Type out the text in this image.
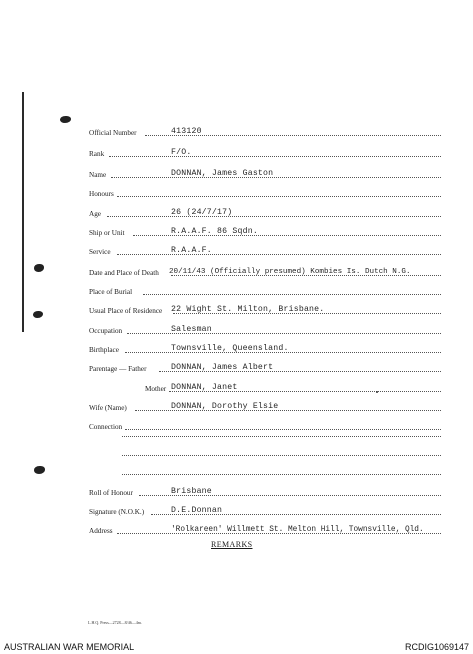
Official Number	413120
Rank	F/O.
Name	DONNAN, James Gaston
Honours
Age	26 (24/7/17)
Ship or Unit	R.A.A.F. 86 Sqdn.
Service	R.A.A.F.
Date and Place of Death 20/11/43 (Officially presumed) Kombies Is. Dutch N.G.
Place of Burial
Usual Place of Residence 22 Wight St. Milton, Brisbane.
Occupation	Salesman
Birthplace	Townsville, Queensland.
Parentage — Father	DONNAN, James Albert
Mother DONNAN, Janet
Wife (Name)	DONNAN, Dorothy Elsie
Connection
Roll of Honour	Brisbane
Signature (N.O.K.)	D.E.Donnan
Address	'Rolkareen' Willmett St. Melton Hill, Townsville, Qld.
REMARKS
L.H.Q. Press—2728—8/46—4m.
AUSTRALIAN WAR MEMORIAL	RCDIG1069147
